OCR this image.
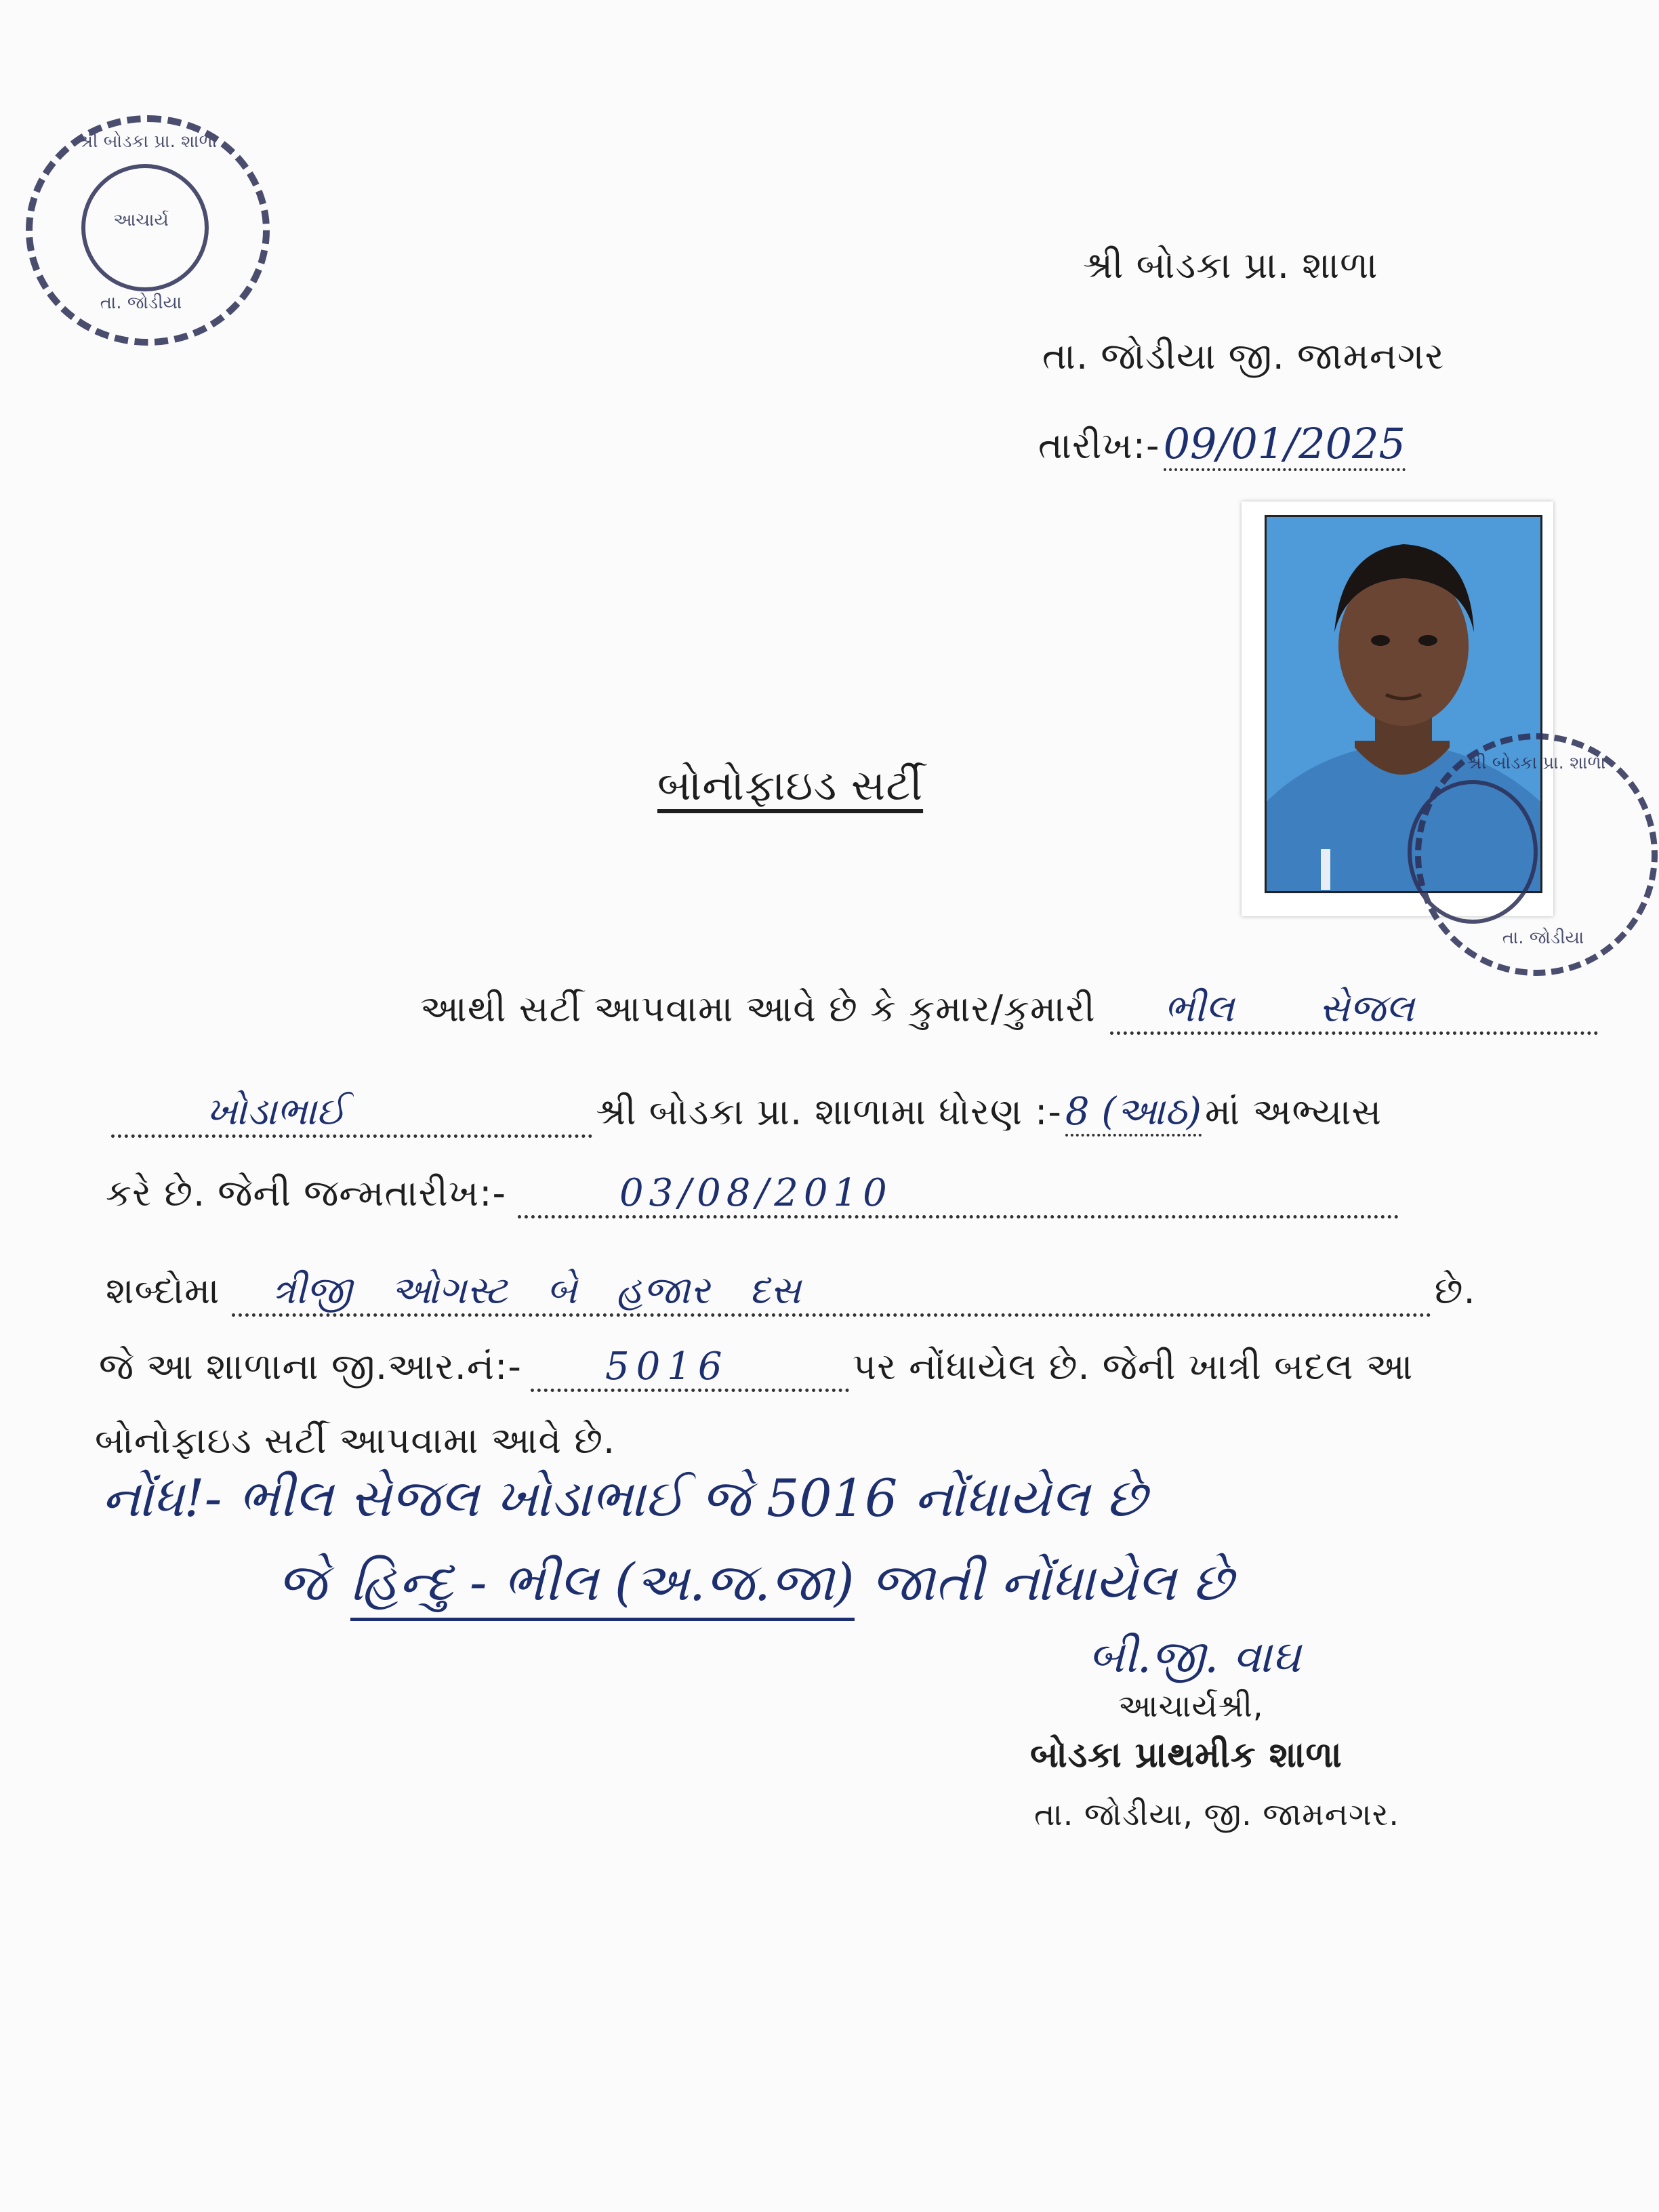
શ્રી બોડકા પ્રા. શાળા
આચાર્ય
તા. જોડીયા
શ્રી બોડકા પ્રા. શાળા
તા. જોડીયા જી. જામનગર
તારીખ:- 09/01/2025
શ્રી બોડકા પ્રા. શાળા
તા. જોડીયા
બોનોફાઇડ સર્ટી
આથી સર્ટી આપવામા આવે છે કે કુમાર/કુમારી ભીલ સેજલ
ખોડાભાઈ	શ્રી બોડકા પ્રા. શાળામા ધોરણ :- 8 (આઠ) માં અભ્યાસ
કરે છે. જેની જન્મતારીખ:-	03/08/2010
શબ્દોમા ત્રીજી ઓગસ્ટ બે હજાર દસ	છે.
જે આ શાળાના જી.આર.નં:- 5016	પર નોંધાયેલ છે. જેની ખાત્રી બદલ આ
બોનોફાઇડ સર્ટી આપવામા આવે છે.
નોંધ!- ભીલ સેજલ ખોડાભાઈ જે 5016 નોંધાયેલ છે
જે હિન્દુ - ભીલ (અ.જ.જા) જાતી નોંધાયેલ છે
બી.જી. વાઘ
આચાર્યશ્રી,
બોડકા પ્રાથમીક શાળા
તા. જોડીયા, જી. જામનગર.
